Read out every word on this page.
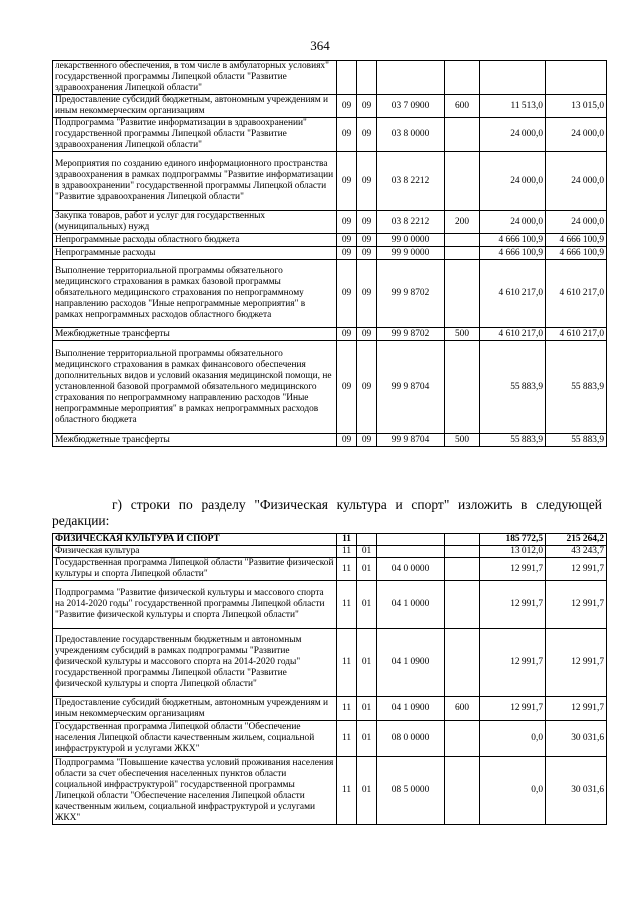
364
лекарственного обеспечения, в том числе в амбулаторных условиях" государственной программы Липецкой области "Развитие здравоохранения Липецкой области"						
Предоставление субсидий бюджетным, автономным учреждениям и иным некоммерческим организациям	09	09	03 7 0900	600	11 513,0	13 015,0
Подпрограмма "Развитие информатизации в здравоохранении" государственной программы Липецкой области "Развитие здравоохранения Липецкой области"	09	09	03 8 0000		24 000,0	24 000,0
Мероприятия по созданию единого информационного пространства здравоохранения в рамках подпрограммы "Развитие информатизации в здравоохранении" государственной программы Липецкой области "Развитие здравоохранения Липецкой области"	09	09	03 8 2212		24 000,0	24 000,0
Закупка товаров, работ и услуг для государственных (муниципальных) нужд	09	09	03 8 2212	200	24 000,0	24 000,0
Непрограммные расходы областного бюджета	09	09	99 0 0000		4 666 100,9	4 666 100,9
Непрограммные расходы	09	09	99 9 0000		4 666 100,9	4 666 100,9
Выполнение территориальной программы обязательного медицинского страхования в рамках базовой программы обязательного медицинского страхования по непрограммному направлению расходов "Иные непрограммные мероприятия" в рамках непрограммных расходов областного бюджета	09	09	99 9 8702		4 610 217,0	4 610 217,0
Межбюджетные трансферты	09	09	99 9 8702	500	4 610 217,0	4 610 217,0
Выполнение территориальной программы обязательного медицинского страхования в рамках финансового обеспечения дополнительных видов и условий оказания медицинской помощи, не установленной базовой программой обязательного медицинского страхования по непрограммному направлению расходов "Иные непрограммные мероприятия" в рамках непрограммных расходов областного бюджета	09	09	99 9 8704		55 883,9	55 883,9
Межбюджетные трансферты	09	09	99 9 8704	500	55 883,9	55 883,9
г) строки по разделу "Физическая культура и спорт" изложить в следующей
редакции:
ФИЗИЧЕСКАЯ КУЛЬТУРА И СПОРТ	11				185 772,5	215 264,2
Физическая культура	11	01			13 012,0	43 243,7
Государственная программа Липецкой области "Развитие физической культуры и спорта Липецкой области"	11	01	04 0 0000		12 991,7	12 991,7
Подпрограмма "Развитие физической культуры и массового спорта на 2014-2020 годы" государственной программы Липецкой области "Развитие физической культуры и спорта Липецкой области"	11	01	04 1 0000		12 991,7	12 991,7
Предоставление государственным бюджетным и автономным учреждениям субсидий в рамках подпрограммы "Развитие физической культуры и массового спорта на 2014-2020 годы" государственной программы Липецкой области "Развитие физической культуры и спорта Липецкой области"	11	01	04 1 0900		12 991,7	12 991,7
Предоставление субсидий бюджетным, автономным учреждениям и иным некоммерческим организациям	11	01	04 1 0900	600	12 991,7	12 991,7
Государственная программа Липецкой области "Обеспечение населения Липецкой области качественным жильем, социальной инфраструктурой и услугами ЖКХ"	11	01	08 0 0000		0,0	30 031,6
Подпрограмма "Повышение качества условий проживания населения области за счет обеспечения населенных пунктов области социальной инфраструктурой" государственной программы Липецкой области "Обеспечение населения Липецкой области качественным жильем, социальной инфраструктурой и услугами ЖКХ"	11	01	08 5 0000		0,0	30 031,6
